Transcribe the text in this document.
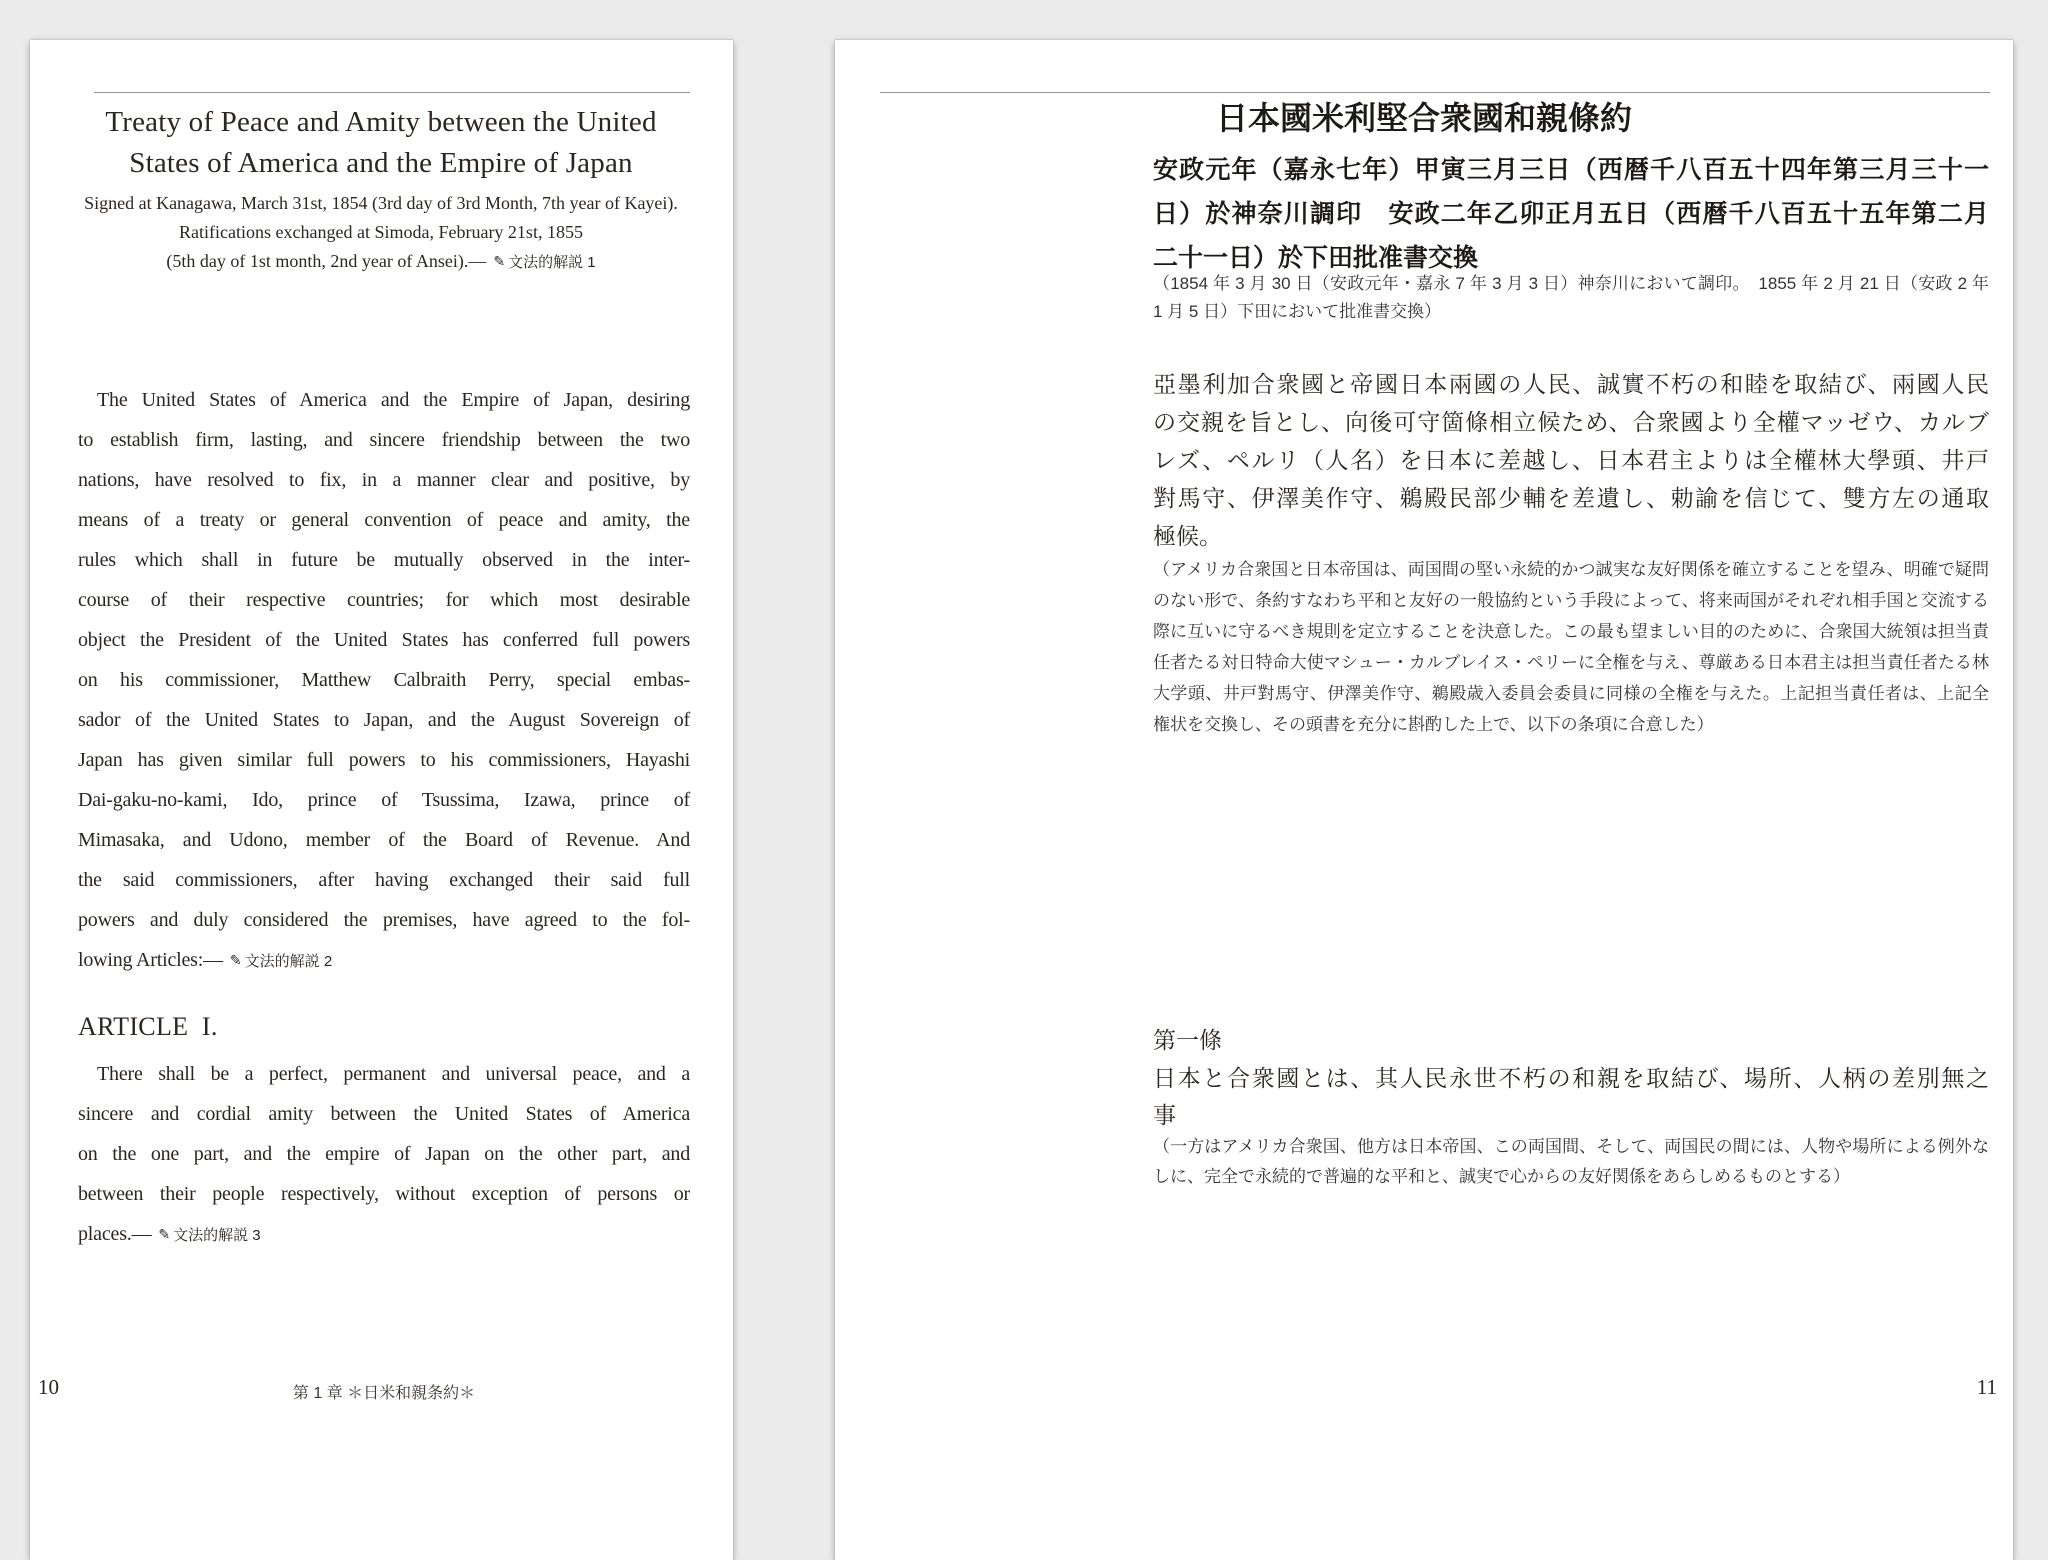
Treaty of Peace and Amity between the United
States of America and the Empire of Japan
Signed at Kanagawa, March 31st, 1854 (3rd day of 3rd Month, 7th year of Kayei).
Ratifications exchanged at Simoda, February 21st, 1855
(5th day of 1st month, 2nd year of Ansei).— ✎ 文法的解説 1
The United States of America and the Empire of Japan, desiring
to establish firm, lasting, and sincere friendship between the two
nations, have resolved to fix, in a manner clear and positive, by
means of a treaty or general convention of peace and amity, the
rules which shall in future be mutually observed in the inter-
course of their respective countries; for which most desirable
object the President of the United States has conferred full powers
on his commissioner, Matthew Calbraith Perry, special embas-
sador of the United States to Japan, and the August Sovereign of
Japan has given similar full powers to his commissioners, Hayashi
Dai-gaku-no-kami, Ido, prince of Tsussima, Izawa, prince of
Mimasaka, and Udono, member of the Board of Revenue. And
the said commissioners, after having exchanged their said full
powers and duly considered the premises, have agreed to the fol-
lowing Articles:— ✎ 文法的解説 2
ARTICLE  I.
There shall be a perfect, permanent and universal peace, and a
sincere and cordial amity between the United States of America
on the one part, and the empire of Japan on the other part, and
between their people respectively, without exception of persons or
places.— ✎ 文法的解説 3
10	第 1 章 ＊日米和親条約＊
日本國米利堅合衆國和親條約
安政元年（嘉永七年）甲寅三月三日（西暦千八百五十四年第三月三十一
日）於神奈川調印　安政二年乙卯正月五日（西暦千八百五十五年第二月
二十一日）於下田批准書交換
（1854 年 3 月 30 日（安政元年・嘉永 7 年 3 月 3 日）神奈川において調印。　1855 年 2 月 21 日（安政 2 年
1 月 5 日）下田において批准書交換）
亞墨利加合衆國と帝國日本兩國の人民、誠實不朽の和睦を取結び、兩國人民
の交親を旨とし、向後可守箇條相立候ため、合衆國より全權マッゼウ、カルブ
レズ、ペルリ（人名）を日本に差越し、日本君主よりは全權林大學頭、井戸
對馬守、伊澤美作守、鵜殿民部少輔を差遺し、勅諭を信じて、雙方左の通取
極候。
（アメリカ合衆国と日本帝国は、両国間の堅い永続的かつ誠実な友好関係を確立することを望み、明確で疑問
のない形で、条約すなわち平和と友好の一般協約という手段によって、将来両国がそれぞれ相手国と交流する
際に互いに守るべき規則を定立することを決意した。この最も望ましい目的のために、合衆国大統領は担当責
任者たる対日特命大使マシュー・カルブレイス・ペリーに全権を与え、尊厳ある日本君主は担当責任者たる林
大学頭、井戸對馬守、伊澤美作守、鵜殿歳入委員会委員に同様の全権を与えた。上記担当責任者は、上記全
権状を交換し、その頭書を充分に斟酌した上で、以下の条項に合意した）
第一條
日本と合衆國とは、其人民永世不朽の和親を取結び、場所、人柄の差別無之
事
（一方はアメリカ合衆国、他方は日本帝国、この両国間、そして、両国民の間には、人物や場所による例外な
しに、完全で永続的で普遍的な平和と、誠実で心からの友好関係をあらしめるものとする）
11
